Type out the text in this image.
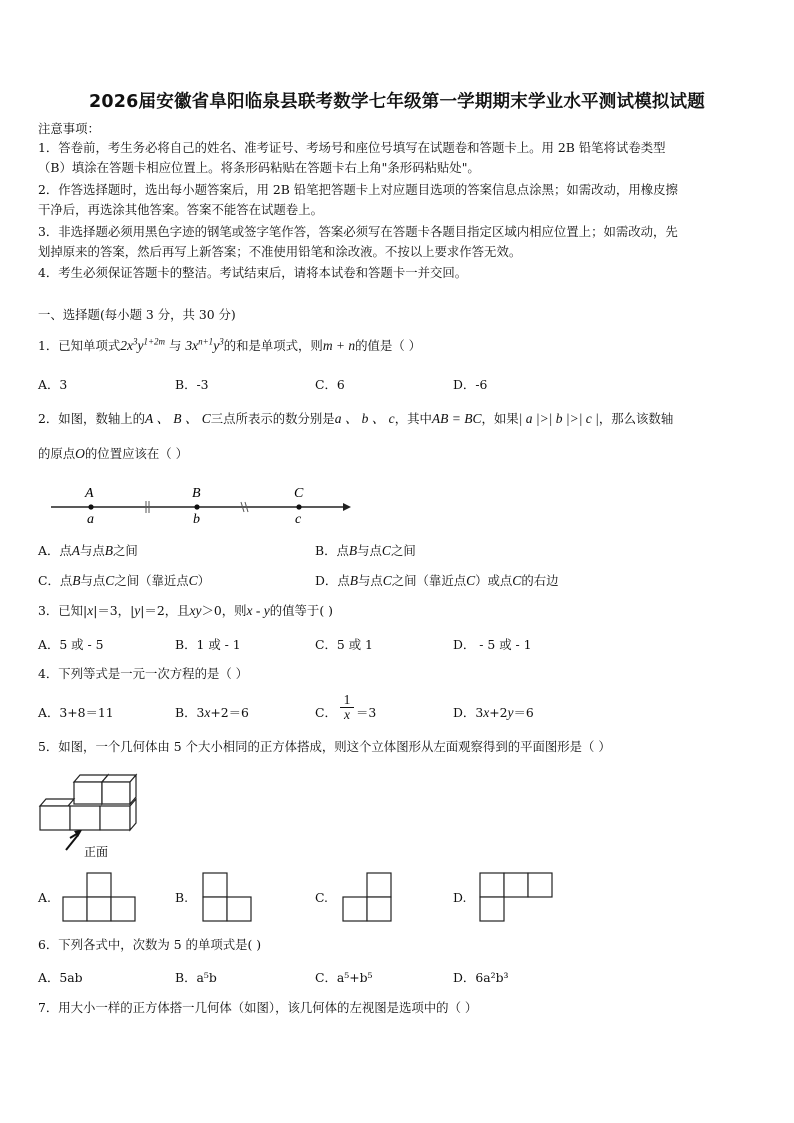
2026届安徽省阜阳临泉县联考数学七年级第一学期期末学业水平测试模拟试题
注意事项：
1．答卷前，考生务必将自己的姓名、准考证号、考场号和座位号填写在试题卷和答题卡上。用 2B 铅笔将试卷类型
（B）填涂在答题卡相应位置上。将条形码粘贴在答题卡右上角"条形码粘贴处"。
2．作答选择题时，选出每小题答案后，用 2B 铅笔把答题卡上对应题目选项的答案信息点涂黑；如需改动，用橡皮擦
干净后，再选涂其他答案。答案不能答在试题卷上。
3．非选择题必须用黑色字迹的钢笔或签字笔作答，答案必须写在答题卡各题目指定区域内相应位置上；如需改动，先
划掉原来的答案，然后再写上新答案；不准使用铅笔和涂改液。不按以上要求作答无效。
4．考生必须保证答题卡的整洁。考试结束后，请将本试卷和答题卡一并交回。
一、选择题(每小题 3 分，共 30 分)
1．已知单项式$2x^3y^{1+2m}$ 与 $3x^{n+1}y^3$的和是单项式，则m + n的值是（ ）
A．3	B．-3	C．6	D．-6
2．如图，数轴上的A 、 B 、 C三点所表示的数分别是a 、 b 、 c，其中AB = BC，如果| a |>| b |>| c |，那么该数轴
的原点O的位置应该在（ ）
A	B	C
a	b	c
A．点A与点B之间	B．点B与点C之间
C．点B与点C之间（靠近点C）	D．点B与点C之间（靠近点C）或点C的右边
3．已知|x|＝3，|y|＝2，且xy＞0，则x - y的值等于( )
A．5 或 - 5	B．1 或 - 1	C．5 或 1	D． - 5 或 - 1
4．下列等式是一元一次方程的是（ ）
A．3+8＝11	B．3x+2＝6	C． $\frac{1}{x} =3$	D．3x+2y＝6
5．如图，一个几何体由 5 个大小相同的正方体搭成，则这个立体图形从左面观察得到的平面图形是（ ）
正面
A.	B.	C.	D.
6．下列各式中，次数为 5 的单项式是( )
A．5ab	B．a⁵b	C．a⁵+b⁵	D．6a²b³
7．用大小一样的正方体搭一几何体（如图），该几何体的左视图是选项中的（ ）
